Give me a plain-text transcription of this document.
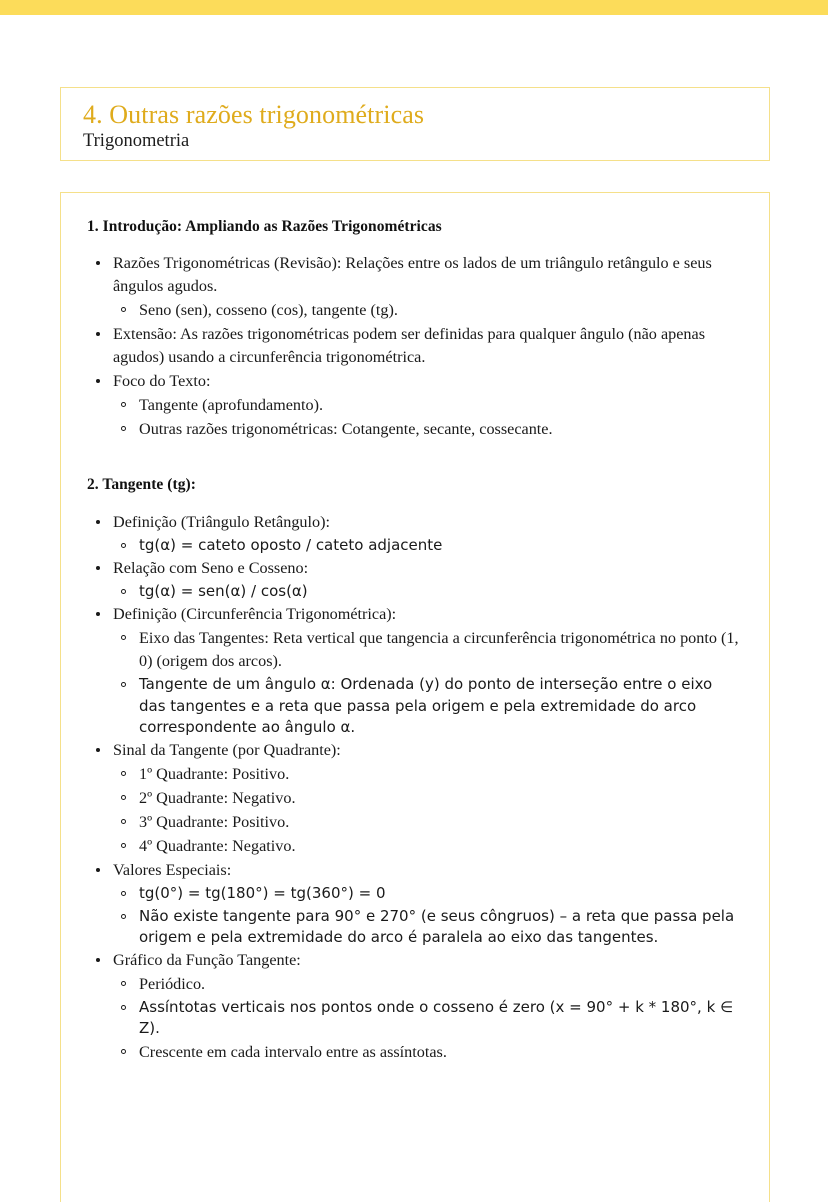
4. Outras razões trigonométricas
Trigonometria
1. Introdução: Ampliando as Razões Trigonométricas
Razões Trigonométricas (Revisão): Relações entre os lados de um triângulo retângulo e seus ângulos agudos.
Seno (sen), cosseno (cos), tangente (tg).
Extensão: As razões trigonométricas podem ser definidas para qualquer ângulo (não apenas agudos) usando a circunferência trigonométrica.
Foco do Texto:
Tangente (aprofundamento).
Outras razões trigonométricas: Cotangente, secante, cossecante.
2. Tangente (tg):
Definição (Triângulo Retângulo):
tg(α) = cateto oposto / cateto adjacente
Relação com Seno e Cosseno:
tg(α) = sen(α) / cos(α)
Definição (Circunferência Trigonométrica):
Eixo das Tangentes: Reta vertical que tangencia a circunferência trigonométrica no ponto (1, 0) (origem dos arcos).
Tangente de um ângulo α: Ordenada (y) do ponto de interseção entre o eixo das tangentes e a reta que passa pela origem e pela extremidade do arco correspondente ao ângulo α.
Sinal da Tangente (por Quadrante):
1º Quadrante: Positivo.
2º Quadrante: Negativo.
3º Quadrante: Positivo.
4º Quadrante: Negativo.
Valores Especiais:
tg(0°) = tg(180°) = tg(360°) = 0
Não existe tangente para 90° e 270° (e seus côngruos) – a reta que passa pela origem e pela extremidade do arco é paralela ao eixo das tangentes.
Gráfico da Função Tangente:
Periódico.
Assíntotas verticais nos pontos onde o cosseno é zero (x = 90° + k * 180°, k ∈ Z).
Crescente em cada intervalo entre as assíntotas.
